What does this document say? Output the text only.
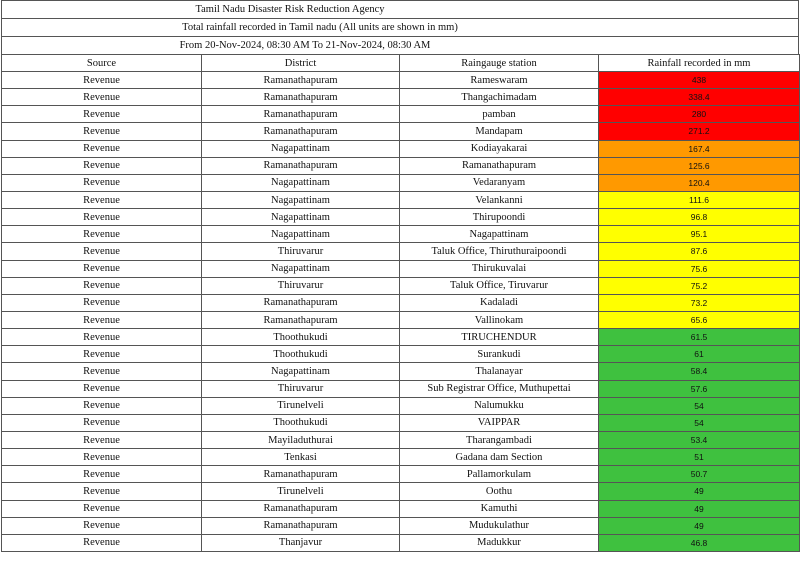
Tamil Nadu Disaster Risk Reduction Agency
Total rainfall recorded in Tamil nadu (All units are shown in mm)
From 20-Nov-2024, 08:30 AM To 21-Nov-2024, 08:30 AM
Source	District	Raingauge station	Rainfall recorded in mm
Revenue	Ramanathapuram	Rameswaram	438
Revenue	Ramanathapuram	Thangachimadam	338.4
Revenue	Ramanathapuram	pamban	280
Revenue	Ramanathapuram	Mandapam	271.2
Revenue	Nagapattinam	Kodiayakarai	167.4
Revenue	Ramanathapuram	Ramanathapuram	125.6
Revenue	Nagapattinam	Vedaranyam	120.4
Revenue	Nagapattinam	Velankanni	111.6
Revenue	Nagapattinam	Thirupoondi	96.8
Revenue	Nagapattinam	Nagapattinam	95.1
Revenue	Thiruvarur	Taluk Office, Thiruthuraipoondi	87.6
Revenue	Nagapattinam	Thirukuvalai	75.6
Revenue	Thiruvarur	Taluk Office, Tiruvarur	75.2
Revenue	Ramanathapuram	Kadaladi	73.2
Revenue	Ramanathapuram	Vallinokam	65.6
Revenue	Thoothukudi	TIRUCHENDUR	61.5
Revenue	Thoothukudi	Surankudi	61
Revenue	Nagapattinam	Thalanayar	58.4
Revenue	Thiruvarur	Sub Registrar Office, Muthupettai	57.6
Revenue	Tirunelveli	Nalumukku	54
Revenue	Thoothukudi	VAIPPAR	54
Revenue	Mayiladuthurai	Tharangambadi	53.4
Revenue	Tenkasi	Gadana dam Section	51
Revenue	Ramanathapuram	Pallamorkulam	50.7
Revenue	Tirunelveli	Oothu	49
Revenue	Ramanathapuram	Kamuthi	49
Revenue	Ramanathapuram	Mudukulathur	49
Revenue	Thanjavur	Madukkur	46.8
